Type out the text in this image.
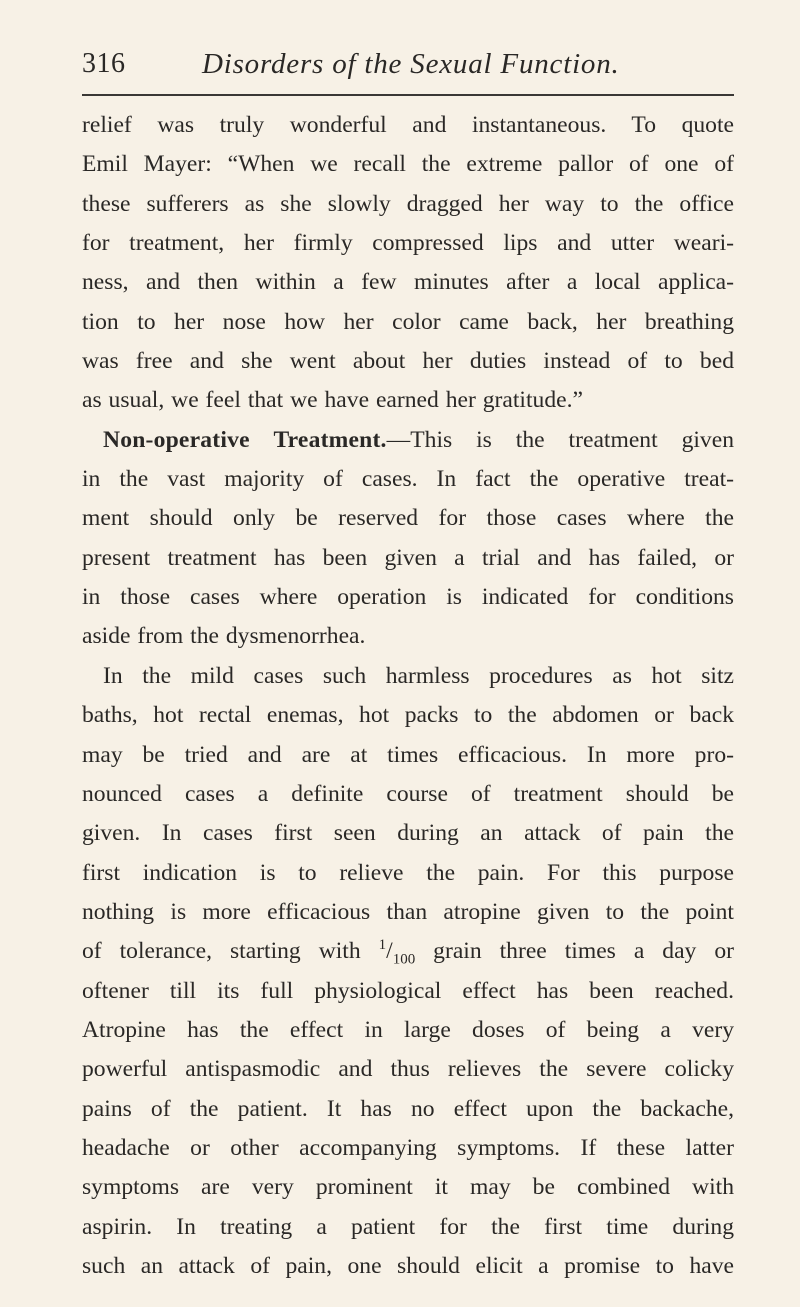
316	Disorders of the Sexual Function.
relief was truly wonderful and instantaneous. To quote
Emil Mayer: “When we recall the extreme pallor of one of
these sufferers as she slowly dragged her way to the office
for treatment, her firmly compressed lips and utter weari-
ness, and then within a few minutes after a local applica-
tion to her nose how her color came back, her breathing
was free and she went about her duties instead of to bed
as usual, we feel that we have earned her gratitude.”
Non-operative Treatment.—This is the treatment given
in the vast majority of cases. In fact the operative treat-
ment should only be reserved for those cases where the
present treatment has been given a trial and has failed, or
in those cases where operation is indicated for conditions
aside from the dysmenorrhea.
In the mild cases such harmless procedures as hot sitz
baths, hot rectal enemas, hot packs to the abdomen or back
may be tried and are at times efficacious. In more pro-
nounced cases a definite course of treatment should be
given. In cases first seen during an attack of pain the
first indication is to relieve the pain. For this purpose
nothing is more efficacious than atropine given to the point
of tolerance, starting with $^1/_{100}$ grain three times a day or
oftener till its full physiological effect has been reached.
Atropine has the effect in large doses of being a very
powerful antispasmodic and thus relieves the severe colicky
pains of the patient. It has no effect upon the backache,
headache or other accompanying symptoms. If these latter
symptoms are very prominent it may be combined with
aspirin. In treating a patient for the first time during
such an attack of pain, one should elicit a promise to have
